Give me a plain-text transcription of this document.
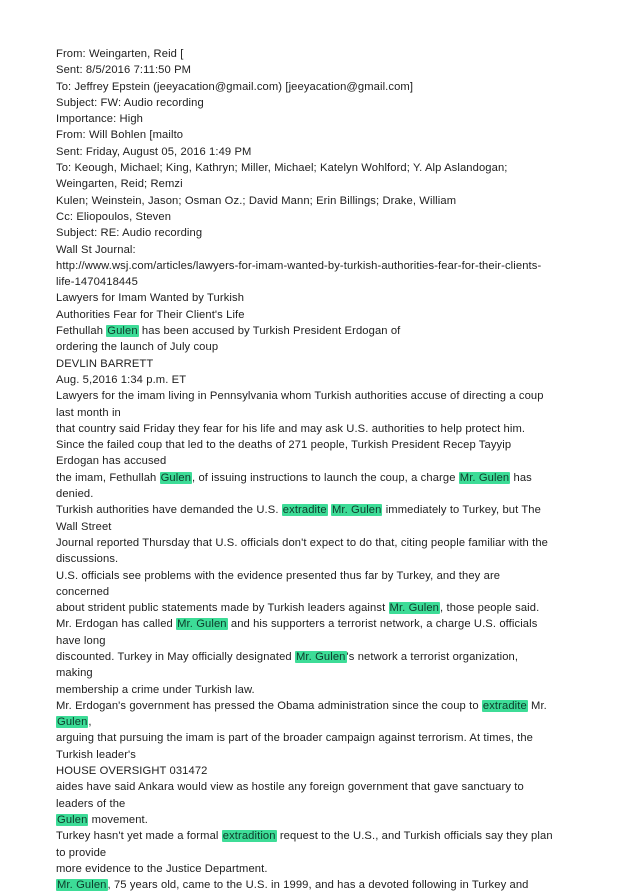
From: Weingarten, Reid [
Sent: 8/5/2016 7:11:50 PM
To: Jeffrey Epstein (jeeyacation@gmail.com) [jeeyacation@gmail.com]
Subject: FW: Audio recording
Importance: High
From: Will Bohlen [mailto
Sent: Friday, August 05, 2016 1:49 PM
To: Keough, Michael; King, Kathryn; Miller, Michael; Katelyn Wohlford; Y. Alp Aslandogan;
Weingarten, Reid; Remzi
Kulen; Weinstein, Jason; Osman Oz.; David Mann; Erin Billings; Drake, William
Cc: Eliopoulos, Steven
Subject: RE: Audio recording
Wall St Journal:
http://www.wsj.com/articles/lawyers-for-imam-wanted-by-turkish-authorities-fear-for-their-clients-
life-1470418445
Lawyers for Imam Wanted by Turkish
Authorities Fear for Their Client's Life
Fethullah Gulen has been accused by Turkish President Erdogan of
ordering the launch of July coup
DEVLIN BARRETT
Aug. 5,2016 1:34 p.m. ET
Lawyers for the imam living in Pennsylvania whom Turkish authorities accuse of directing a coup
last month in
that country said Friday they fear for his life and may ask U.S. authorities to help protect him.
Since the failed coup that led to the deaths of 271 people, Turkish President Recep Tayyip
Erdogan has accused
the imam, Fethullah Gulen, of issuing instructions to launch the coup, a charge Mr. Gulen has
denied.
Turkish authorities have demanded the U.S. extradite Mr. Gulen immediately to Turkey, but The
Wall Street
Journal reported Thursday that U.S. officials don't expect to do that, citing people familiar with the
discussions.
U.S. officials see problems with the evidence presented thus far by Turkey, and they are
concerned
about strident public statements made by Turkish leaders against Mr. Gulen, those people said.
Mr. Erdogan has called Mr. Gulen and his supporters a terrorist network, a charge U.S. officials
have long
discounted. Turkey in May officially designated Mr. Gulen's network a terrorist organization,
making
membership a crime under Turkish law.
Mr. Erdogan's government has pressed the Obama administration since the coup to extradite Mr.
Gulen,
arguing that pursuing the imam is part of the broader campaign against terrorism. At times, the
Turkish leader's
HOUSE OVERSIGHT 031472
aides have said Ankara would view as hostile any foreign government that gave sanctuary to
leaders of the
Gulen movement.
Turkey hasn't yet made a formal extradition request to the U.S., and Turkish officials say they plan
to provide
more evidence to the Justice Department.
Mr. Gulen, 75 years old, came to the U.S. in 1999, and has a devoted following in Turkey and
